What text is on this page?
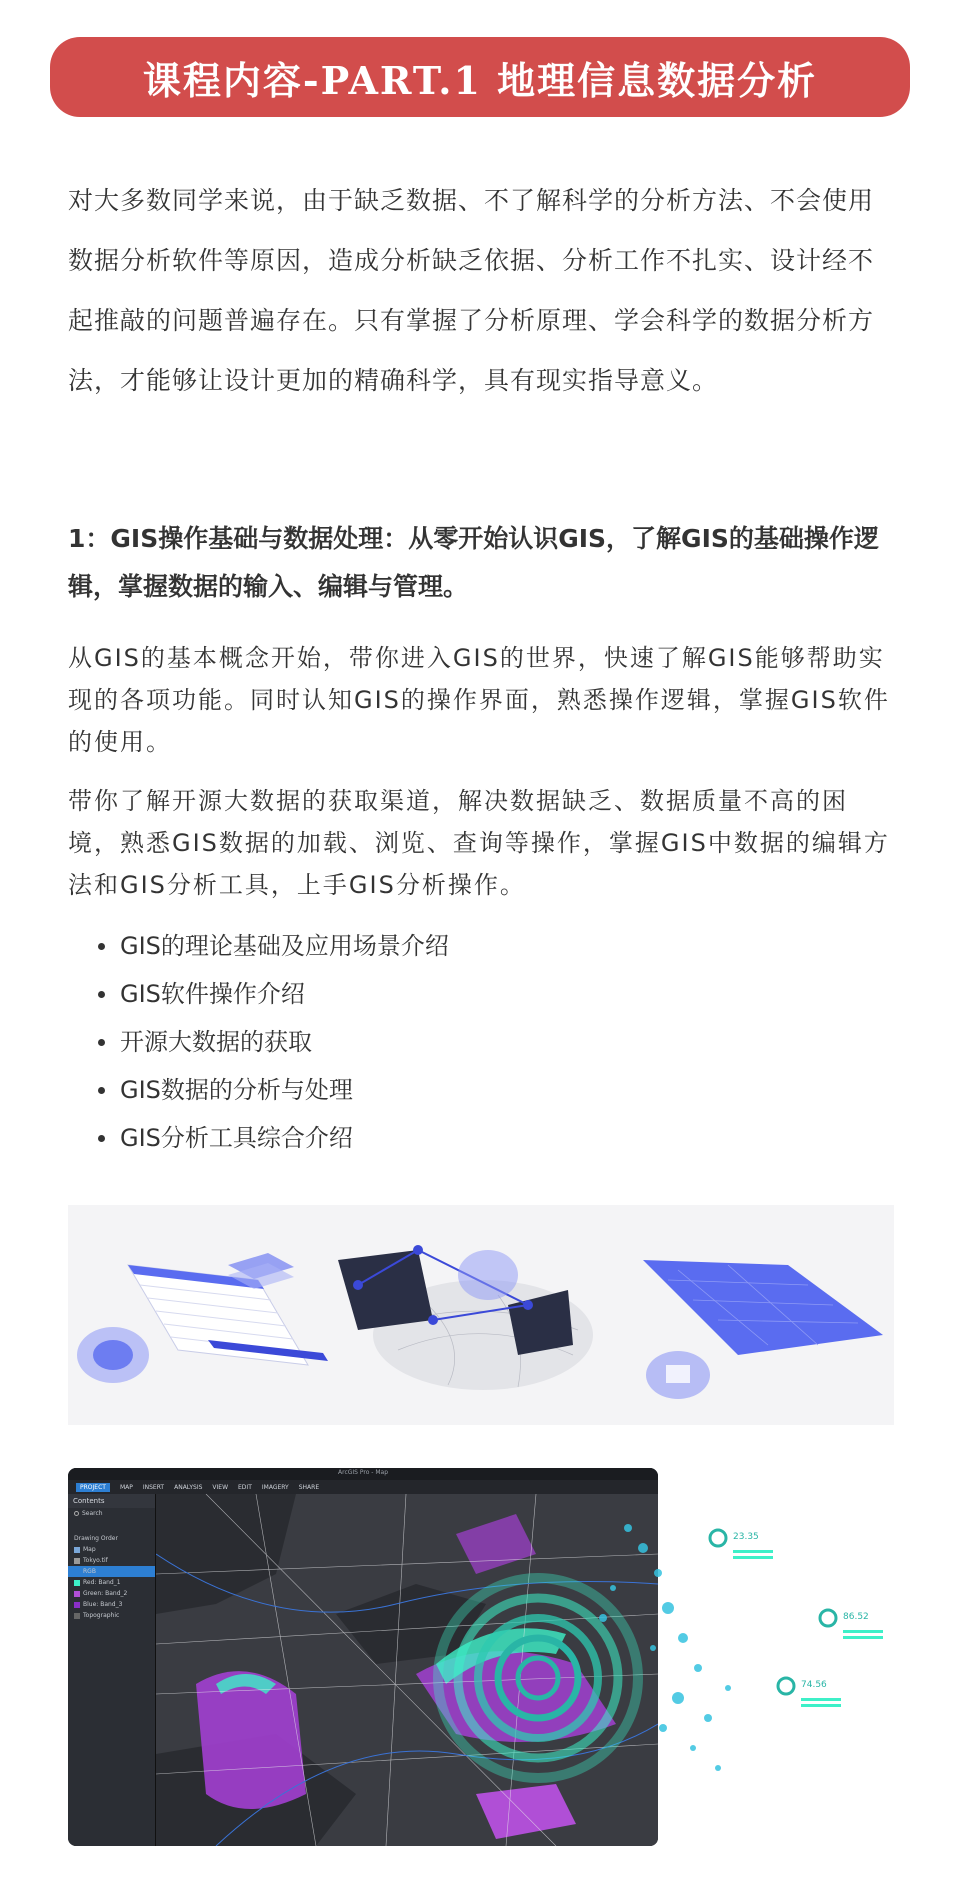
课程内容-PART.1 地理信息数据分析

对大多数同学来说，由于缺乏数据、不了解科学的分析方法、不会使用数据分析软件等原因，造成分析缺乏依据、分析工作不扎实、设计经不起推敲的问题普遍存在。只有掌握了分析原理、学会科学的数据分析方法，才能够让设计更加的精确科学，具有现实指导意义。

1：GIS操作基础与数据处理：从零开始认识GIS，了解GIS的基础操作逻辑，掌握数据的输入、编辑与管理。

从GIS的基本概念开始，带你进入GIS的世界，快速了解GIS能够帮助实现的各项功能。同时认知GIS的操作界面，熟悉操作逻辑，掌握GIS软件的使用。

带你了解开源大数据的获取渠道，解决数据缺乏、数据质量不高的困境，熟悉GIS数据的加载、浏览、查询等操作，掌握GIS中数据的编辑方法和GIS分析工具，上手GIS分析操作。

GIS的理论基础及应用场景介绍
GIS软件操作介绍
开源大数据的获取
GIS数据的分析与处理
GIS分析工具综合介绍
ArcGIS Pro - Map
PROJECT	MAP INSERT ANALYSIS VIEW EDIT IMAGERY SHARE
Contents
Search
Drawing Order
Map
Tokyo.tif
RGB
Red: Band_1
Green: Band_2
Blue: Band_3
Topographic
23.35
86.52
74.56
